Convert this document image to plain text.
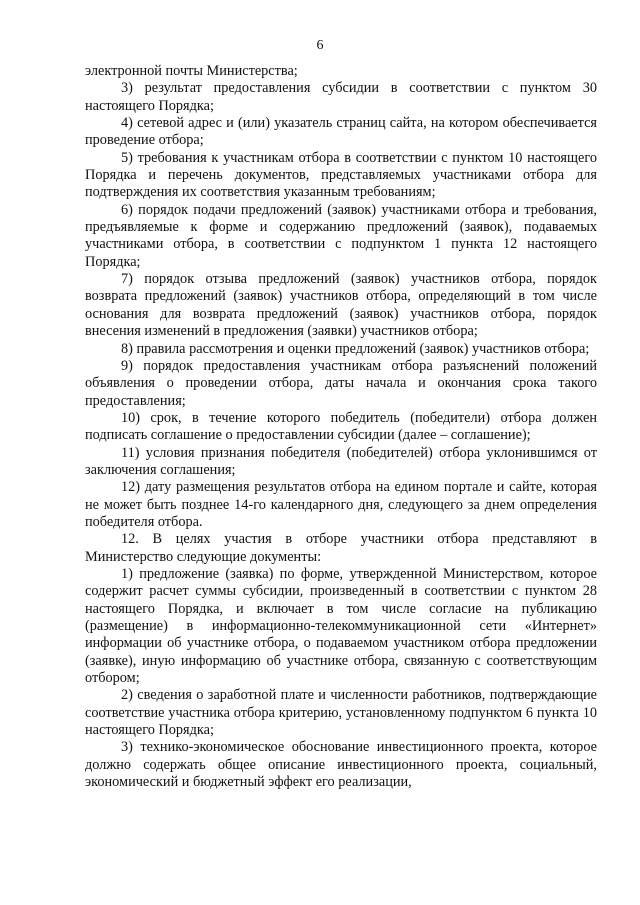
6

электронной почты Министерства;

3) результат предоставления субсидии в соответствии с пунктом 30 настоящего Порядка;

4) сетевой адрес и (или) указатель страниц сайта, на котором обеспечивается проведение отбора;

5) требования к участникам отбора в соответствии с пунктом 10 настоящего Порядка и перечень документов, представляемых участниками отбора для подтверждения их соответствия указанным требованиям;

6) порядок подачи предложений (заявок) участниками отбора и требования, предъявляемые к форме и содержанию предложений (заявок), подаваемых участниками отбора, в соответствии с подпунктом 1 пункта 12 настоящего Порядка;

7) порядок отзыва предложений (заявок) участников отбора, порядок возврата предложений (заявок) участников отбора, определяющий в том числе основания для возврата предложений (заявок) участников отбора, порядок внесения изменений в предложения (заявки) участников отбора;

8) правила рассмотрения и оценки предложений (заявок) участников отбора;

9) порядок предоставления участникам отбора разъяснений положений объявления о проведении отбора, даты начала и окончания срока такого предоставления;

10) срок, в течение которого победитель (победители) отбора должен подписать соглашение о предоставлении субсидии (далее – соглашение);

11) условия признания победителя (победителей) отбора уклонившимся от заключения соглашения;

12) дату размещения результатов отбора на едином портале и сайте, которая не может быть позднее 14-го календарного дня, следующего за днем определения победителя отбора.

12. В целях участия в отборе участники отбора представляют в Министерство следующие документы:

1) предложение (заявка) по форме, утвержденной Министерством, которое содержит расчет суммы субсидии, произведенный в соответствии с пунктом 28 настоящего Порядка, и включает в том числе согласие на публикацию (размещение) в информационно-телекоммуникационной сети «Интернет» информации об участнике отбора, о подаваемом участником отбора предложении (заявке), иную информацию об участнике отбора, связанную с соответствующим отбором;

2) сведения о заработной плате и численности работников, подтверждающие соответствие участника отбора критерию, установленному подпунктом 6 пункта 10 настоящего Порядка;

3) технико-экономическое обоснование инвестиционного проекта, которое должно содержать общее описание инвестиционного проекта, социальный, экономический и бюджетный эффект его реализации,
